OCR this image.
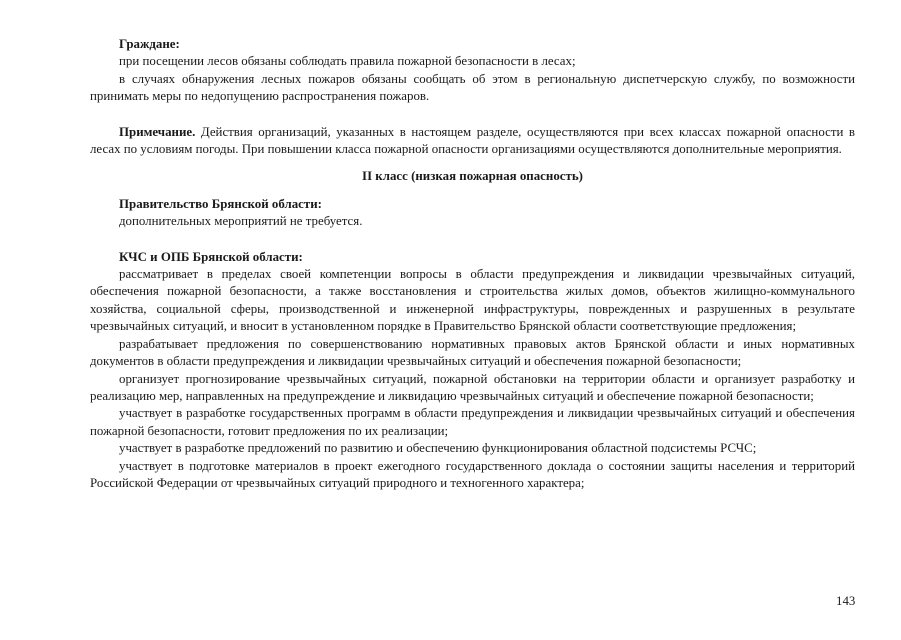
Граждане:

при посещении лесов обязаны соблюдать правила пожарной безопасности в лесах;

в случаях обнаружения лесных пожаров обязаны сообщать об этом в региональную диспетчерскую службу, по возможности принимать меры по недопущению распространения пожаров.

Примечание. Действия организаций, указанных в настоящем разделе, осуществляются при всех классах пожарной опасности в лесах по условиям погоды. При повышении класса пожарной опасности организациями осуществляются дополнительные мероприятия.

II класс (низкая пожарная опасность)

Правительство Брянской области:

дополнительных мероприятий не требуется.

КЧС и ОПБ Брянской области:

рассматривает в пределах своей компетенции вопросы в области предупреждения и ликвидации чрезвычайных ситуаций, обеспечения пожарной безопасности, а также восстановления и строительства жилых домов, объектов жилищно-коммунального хозяйства, социальной сферы, производственной и инженерной инфраструктуры, поврежденных и разрушенных в результате чрезвычайных ситуаций, и вносит в установленном порядке в Правительство Брянской области соответствующие предложения;

разрабатывает предложения по совершенствованию нормативных правовых актов Брянской области и иных нормативных документов в области предупреждения и ликвидации чрезвычайных ситуаций и обеспечения пожарной безопасности;

организует прогнозирование чрезвычайных ситуаций, пожарной обстановки на территории области и организует разработку и реализацию мер, направленных на предупреждение и ликвидацию чрезвычайных ситуаций и обеспечение пожарной безопасности;

участвует в разработке государственных программ в области предупреждения и ликвидации чрезвычайных ситуаций и обеспечения пожарной безопасности, готовит предложения по их реализации;

участвует в разработке предложений по развитию и обеспечению функционирования областной подсистемы РСЧС;

участвует в подготовке материалов в проект ежегодного государственного доклада о состоянии защиты населения и территорий Российской Федерации от чрезвычайных ситуаций природного и техногенного характера;

143
